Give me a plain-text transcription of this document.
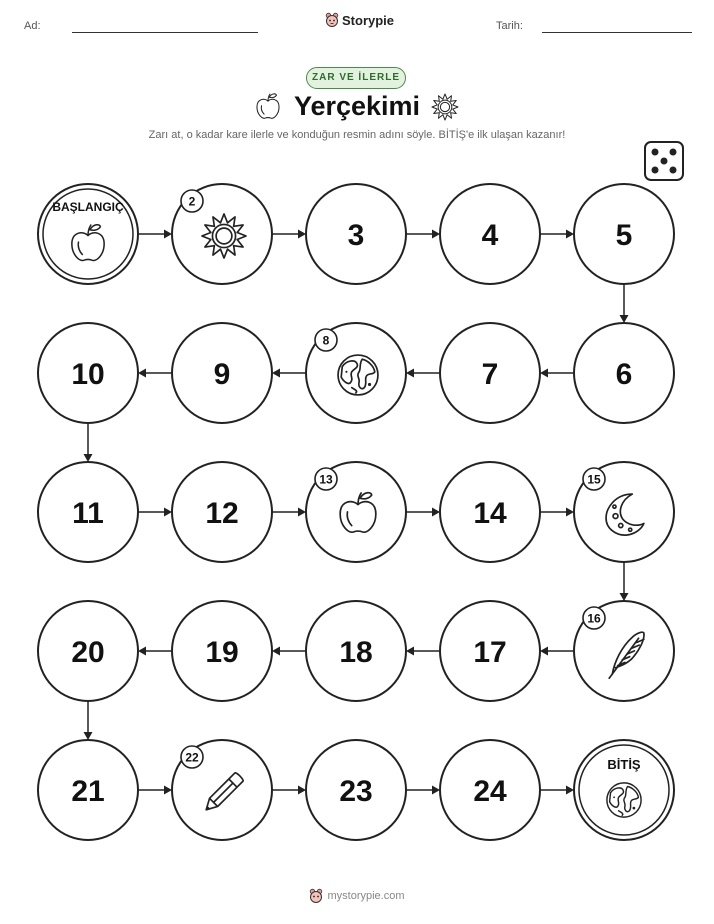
Ad:	Storypie	Tarih:
ZAR VE İLERLE
Yerçekimi
Zarı at, o kadar kare ilerle ve konduğun resmin adını söyle. BİTİŞ'e ilk ulaşan kazanır!
BAŞLANGIÇ	2
3	4	5
6
7
8
9
10
11	12
13
14
15
16
17
18
19
20
21
22
23	24
BİTİŞ
mystorypie.com
